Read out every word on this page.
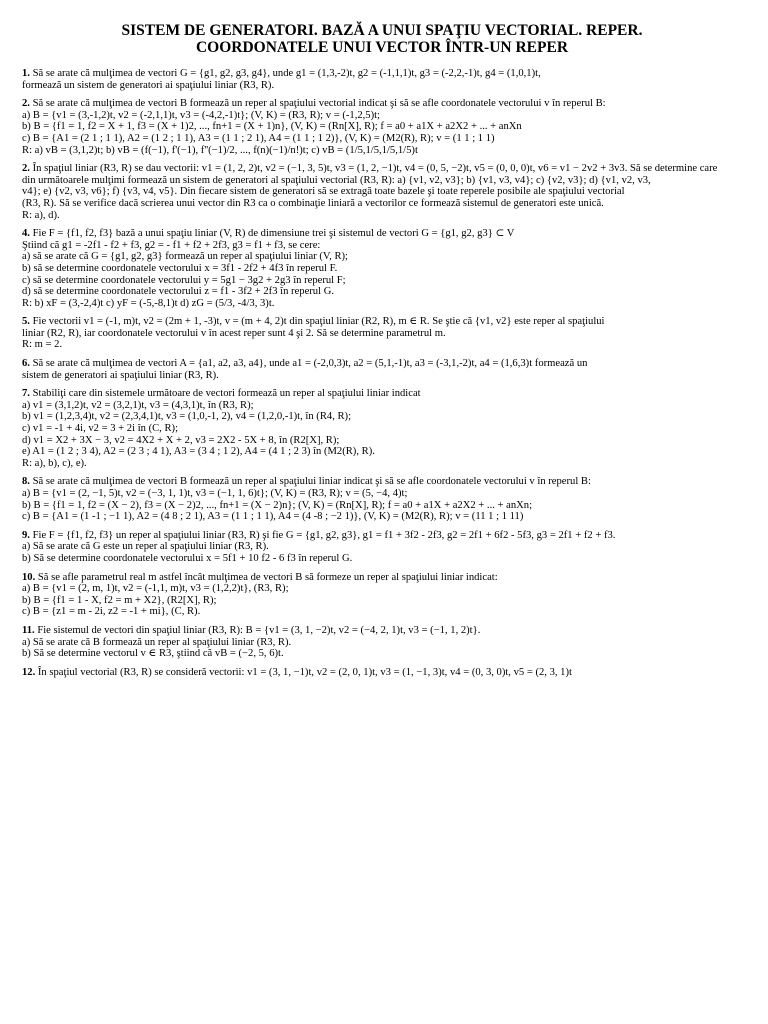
SISTEM DE GENERATORI. BAZĂ A UNUI SPAŢIU VECTORIAL. REPER.

COORDONATELE UNUI VECTOR ÎNTR-UN REPER

1. Să se arate că mulţimea de vectori G = {g1, g2, g3, g4}, unde g1 = (1,3,-2)t, g2 = (-1,1,1)t, g3 = (-2,2,-1)t, g4 = (1,0,1)t,

formează un sistem de generatori ai spaţiului liniar (R3, R).

2. Să se arate că mulţimea de vectori B formează un reper al spaţiului vectorial indicat şi să se afle coordonatele vectorului v în reperul B:

a) B = {v1 = (3,-1,2)t, v2 = (-2,1,1)t, v3 = (-4,2,-1)t}; (V, K) = (R3, R); v = (-1,2,5)t;

b) B = {f1 = 1, f2 = X + 1, f3 = (X + 1)2, ..., fn+1 = (X + 1)n}, (V, K) = (Rn[X], R); f = a0 + a1X + a2X2 + ... + anXn

c) B = {A1 = (2 1 ; 1 1), A2 = (1 2 ; 1 1), A3 = (1 1 ; 2 1), A4 = (1 1 ; 1 2)}, (V, K) = (M2(R), R); v = (1 1 ; 1 1)

R: a) vB = (3,1,2)t; b) vB = (f(−1), f'(−1), f''(−1)/2, ..., f(n)(−1)/n!)t; c) vB = (1/5,1/5,1/5,1/5)t

2. În spaţiul liniar (R3, R) se dau vectorii: v1 = (1, 2, 2)t, v2 = (−1, 3, 5)t, v3 = (1, 2, −1)t, v4 = (0, 5, −2)t, v5 = (0, 0, 0)t, v6 = v1 − 2v2 + 3v3. Să se determine care

din următoarele mulţimi formează un sistem de generatori al spaţiului vectorial (R3, R): a) {v1, v2, v3}; b) {v1, v3, v4}; c) {v2, v3}; d) {v1, v2, v3,

v4}; e) {v2, v3, v6}; f) {v3, v4, v5}. Din fiecare sistem de generatori să se extragă toate bazele şi toate reperele posibile ale spaţiului vectorial

(R3, R). Să se verifice dacă scrierea unui vector din R3 ca o combinaţie liniară a vectorilor ce formează sistemul de generatori este unică.

R: a), d).

4. Fie F = {f1, f2, f3} bază a unui spaţiu liniar (V, R) de dimensiune trei şi sistemul de vectori G = {g1, g2, g3} ⊂ V

Ştiind că g1 = -2f1 - f2 + f3, g2 = - f1 + f2 + 2f3, g3 = f1 + f3, se cere:

a) să se arate că G = {g1, g2, g3} formează un reper al spaţiului liniar (V, R);

b) să se determine coordonatele vectorului x = 3f1 - 2f2 + 4f3 în reperul F.

c) să se determine coordonatele vectorului y = 5g1 − 3g2 + 2g3 în reperul F;

d) să se determine coordonatele vectorului z = f1 - 3f2 + 2f3 în reperul G.

R: b) xF = (3,-2,4)t c) yF = (-5,-8,1)t d) zG = (5/3, -4/3, 3)t.

5. Fie vectorii v1 = (-1, m)t, v2 = (2m + 1, -3)t, v = (m + 4, 2)t din spaţiul liniar (R2, R), m ∈ R. Se ştie că {v1, v2} este reper al spaţiului

liniar (R2, R), iar coordonatele vectorului v în acest reper sunt 4 şi 2. Să se determine parametrul m.

R: m = 2.

6. Să se arate că mulţimea de vectori A = {a1, a2, a3, a4}, unde a1 = (-2,0,3)t, a2 = (5,1,-1)t, a3 = (-3,1,-2)t, a4 = (1,6,3)t formează un

sistem de generatori ai spaţiului liniar (R3, R).

7. Stabiliţi care din sistemele următoare de vectori formează un reper al spaţiului liniar indicat

a) v1 = (3,1,2)t, v2 = (3,2,1)t, v3 = (4,3,1)t, în (R3, R);

b) v1 = (1,2,3,4)t, v2 = (2,3,4,1)t, v3 = (1,0,-1, 2), v4 = (1,2,0,-1)t, în (R4, R);

c) v1 = -1 + 4i, v2 = 3 + 2i în (C, R);

d) v1 = X2 + 3X − 3, v2 = 4X2 + X + 2, v3 = 2X2 - 5X + 8, în (R2[X], R);

e) A1 = (1 2 ; 3 4), A2 = (2 3 ; 4 1), A3 = (3 4 ; 1 2), A4 = (4 1 ; 2 3) în (M2(R), R).

R: a), b), c), e).

8. Să se arate că mulţimea de vectori B formează un reper al spaţiului liniar indicat şi să se afle coordonatele vectorului v în reperul B:

a) B = {v1 = (2, −1, 5)t, v2 = (−3, 1, 1)t, v3 = (−1, 1, 6)t}; (V, K) = (R3, R); v = (5, −4, 4)t;

b) B = {f1 = 1, f2 = (X − 2), f3 = (X − 2)2, ..., fn+1 = (X − 2)n}; (V, K) = (Rn[X], R); f = a0 + a1X + a2X2 + ... + anXn;

c) B = {A1 = (1 -1 ; −1 1), A2 = (4 8 ; 2 1), A3 = (1 1 ; 1 1), A4 = (4 -8 ; −2 1)}, (V, K) = (M2(R), R); v = (11 1 ; 1 11)

9. Fie F = {f1, f2, f3} un reper al spaţiului liniar (R3, R) şi fie G = {g1, g2, g3}, g1 = f1 + 3f2 - 2f3, g2 = 2f1 + 6f2 - 5f3, g3 = 2f1 + f2 + f3.

a) Să se arate că G este un reper al spaţiului liniar (R3, R).

b) Să se determine coordonatele vectorului x = 5f1 + 10 f2 - 6 f3 în reperul G.

10. Să se afle parametrul real m astfel încât mulţimea de vectori B să formeze un reper al spaţiului liniar indicat:

a) B = {v1 = (2, m, 1)t, v2 = (-1,1, m)t, v3 = (1,2,2)t}, (R3, R);

b) B = {f1 = 1 - X, f2 = m + X2}, (R2[X], R);

c) B = {z1 = m - 2i, z2 = -1 + mi}, (C, R).

11. Fie sistemul de vectori din spaţiul liniar (R3, R): B = {v1 = (3, 1, −2)t, v2 = (−4, 2, 1)t, v3 = (−1, 1, 2)t}.

a) Să se arate că B formează un reper al spaţiului liniar (R3, R).

b) Să se determine vectorul v ∈ R3, ştiind că vB = (−2, 5, 6)t.

12. În spaţiul vectorial (R3, R) se consideră vectorii: v1 = (3, 1, −1)t, v2 = (2, 0, 1)t, v3 = (1, −1, 3)t, v4 = (0, 3, 0)t, v5 = (2, 3, 1)t
